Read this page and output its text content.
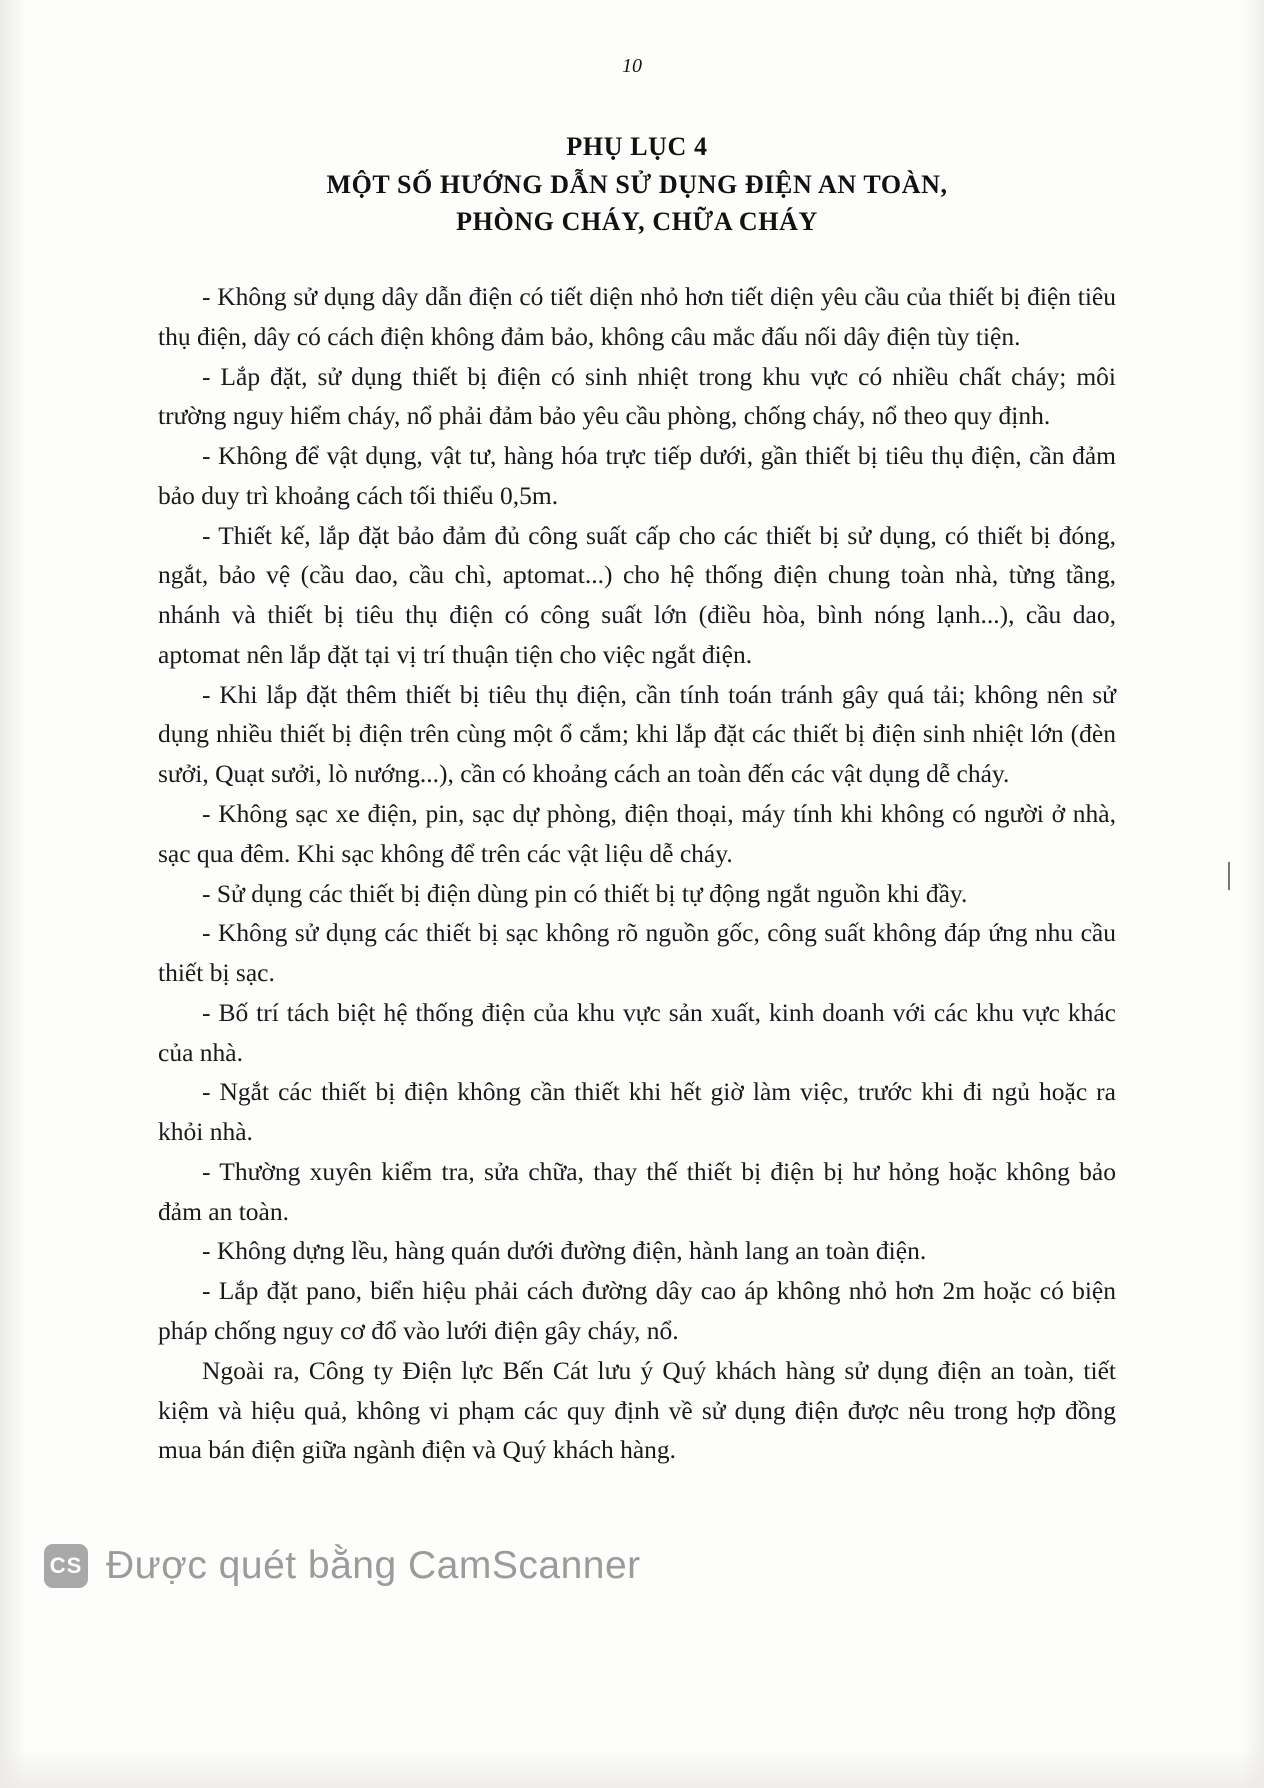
10
PHỤ LỤC 4
MỘT SỐ HƯỚNG DẪN SỬ DỤNG ĐIỆN AN TOÀN,
PHÒNG CHÁY, CHỮA CHÁY

- Không sử dụng dây dẫn điện có tiết diện nhỏ hơn tiết diện yêu cầu của thiết bị điện tiêu thụ điện, dây có cách điện không đảm bảo, không câu mắc đấu nối dây điện tùy tiện.

- Lắp đặt, sử dụng thiết bị điện có sinh nhiệt trong khu vực có nhiều chất cháy; môi trường nguy hiểm cháy, nổ phải đảm bảo yêu cầu phòng, chống cháy, nổ theo quy định.

- Không để vật dụng, vật tư, hàng hóa trực tiếp dưới, gần thiết bị tiêu thụ điện, cần đảm bảo duy trì khoảng cách tối thiểu 0,5m.

- Thiết kế, lắp đặt bảo đảm đủ công suất cấp cho các thiết bị sử dụng, có thiết bị đóng, ngắt, bảo vệ (cầu dao, cầu chì, aptomat...) cho hệ thống điện chung toàn nhà, từng tầng, nhánh và thiết bị tiêu thụ điện có công suất lớn (điều hòa, bình nóng lạnh...), cầu dao, aptomat nên lắp đặt tại vị trí thuận tiện cho việc ngắt điện.

- Khi lắp đặt thêm thiết bị tiêu thụ điện, cần tính toán tránh gây quá tải; không nên sử dụng nhiều thiết bị điện trên cùng một ổ cắm; khi lắp đặt các thiết bị điện sinh nhiệt lớn (đèn sưởi, Quạt sưởi, lò nướng...), cần có khoảng cách an toàn đến các vật dụng dễ cháy.

- Không sạc xe điện, pin, sạc dự phòng, điện thoại, máy tính khi không có người ở nhà, sạc qua đêm. Khi sạc không để trên các vật liệu dễ cháy.

- Sử dụng các thiết bị điện dùng pin có thiết bị tự động ngắt nguồn khi đầy.

- Không sử dụng các thiết bị sạc không rõ nguồn gốc, công suất không đáp ứng nhu cầu thiết bị sạc.

- Bố trí tách biệt hệ thống điện của khu vực sản xuất, kinh doanh với các khu vực khác của nhà.

- Ngắt các thiết bị điện không cần thiết khi hết giờ làm việc, trước khi đi ngủ hoặc ra khỏi nhà.

- Thường xuyên kiểm tra, sửa chữa, thay thế thiết bị điện bị hư hỏng hoặc không bảo đảm an toàn.

- Không dựng lều, hàng quán dưới đường điện, hành lang an toàn điện.

- Lắp đặt pano, biển hiệu phải cách đường dây cao áp không nhỏ hơn 2m hoặc có biện pháp chống nguy cơ đổ vào lưới điện gây cháy, nổ.

Ngoài ra, Công ty Điện lực Bến Cát lưu ý Quý khách hàng sử dụng điện an toàn, tiết kiệm và hiệu quả, không vi phạm các quy định về sử dụng điện được nêu trong hợp đồng mua bán điện giữa ngành điện và Quý khách hàng.

CS Được quét bằng CamScanner
